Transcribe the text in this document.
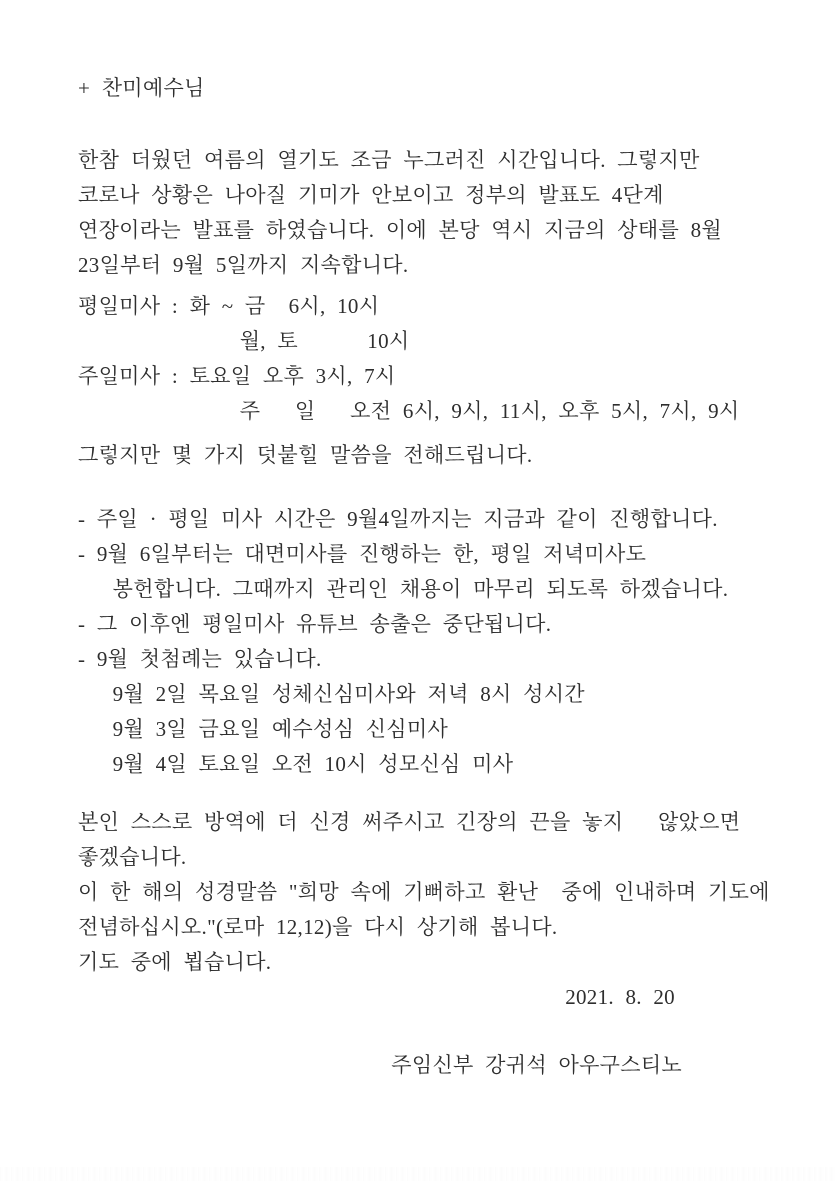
+ 찬미예수님
한참 더웠던 여름의 열기도 조금 누그러진 시간입니다. 그렇지만
코로나 상황은 나아질 기미가 안보이고 정부의 발표도 4단계
연장이라는 발표를 하였습니다. 이에 본당 역시 지금의 상태를 8월
23일부터 9월 5일까지 지속합니다.
평일미사 : 화 ~ 금  6시, 10시
월, 토      10시
주일미사 : 토요일 오후 3시, 7시
주   일   오전 6시, 9시, 11시, 오후 5시, 7시, 9시
그렇지만 몇 가지 덧붙힐 말씀을 전해드립니다.
- 주일 · 평일 미사 시간은 9월4일까지는 지금과 같이 진행합니다.
- 9월 6일부터는 대면미사를 진행하는 한, 평일 저녁미사도
봉헌합니다. 그때까지 관리인 채용이 마무리 되도록 하겠습니다.
- 그 이후엔 평일미사 유튜브 송출은 중단됩니다.
- 9월 첫첨례는 있습니다.
9월 2일 목요일 성체신심미사와 저녁 8시 성시간
9월 3일 금요일 예수성심 신심미사
9월 4일 토요일 오전 10시 성모신심 미사
본인 스스로 방역에 더 신경 써주시고 긴장의 끈을 놓지   않았으면
좋겠습니다.
이 한 해의 성경말씀 "희망 속에 기뻐하고 환난  중에 인내하며 기도에
전념하십시오."(로마 12,12)을 다시 상기해 봅니다.
기도 중에 뵙습니다.
2021. 8. 20
주임신부 강귀석 아우구스티노
